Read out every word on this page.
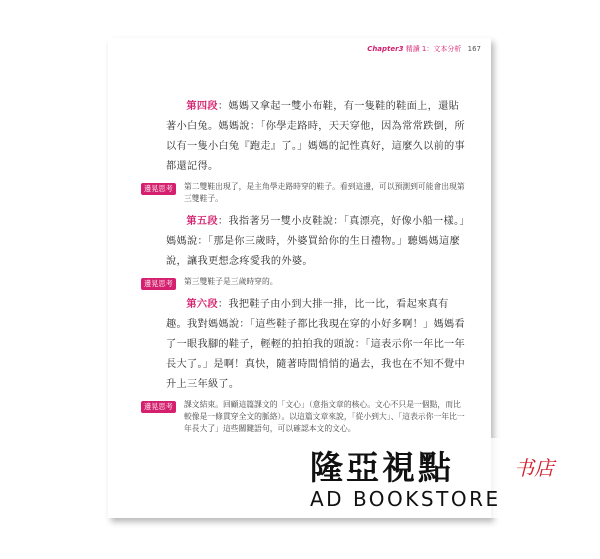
Chapter3 精讀 1：文本分析 167

第四段：媽媽又拿起一雙小布鞋，有一隻鞋的鞋面上，還貼著小白兔。媽媽說：「你學走路時，天天穿他，因為常常跌倒，所以有一隻小白兔『跑走』了。」媽媽的記性真好，這麼久以前的事都還記得。

邊晃思考	第二雙鞋出現了，是主角學走路時穿的鞋子。看到這邊，可以預測到可能會出現第三雙鞋子。

第五段：我指著另一雙小皮鞋說：「真漂亮，好像小船一樣。」媽媽說：「那是你三歲時，外婆買給你的生日禮物。」聽媽媽這麼說，讓我更想念疼愛我的外婆。

邊晃思考	第三雙鞋子是三歲時穿的。

第六段：我把鞋子由小到大排一排，比一比，看起來真有趣。我對媽媽說：「這些鞋子都比我現在穿的小好多啊！」媽媽看了一眼我腳的鞋子，輕輕的拍拍我的頭說：「這表示你一年比一年長大了。」是啊！真快，隨著時間悄悄的過去，我也在不知不覺中升上三年級了。

邊晃思考	課文結束。回顧這篇課文的「文心」（意指文章的核心。文心不只是一個點，而比較像是一條貫穿全文的脈絡）。以這篇文章來說，「從小到大」、「這表示你一年比一年長大了」這些關鍵語句，可以確認本文的文心。
隆亞視點	书店
AD BOOKSTORE
